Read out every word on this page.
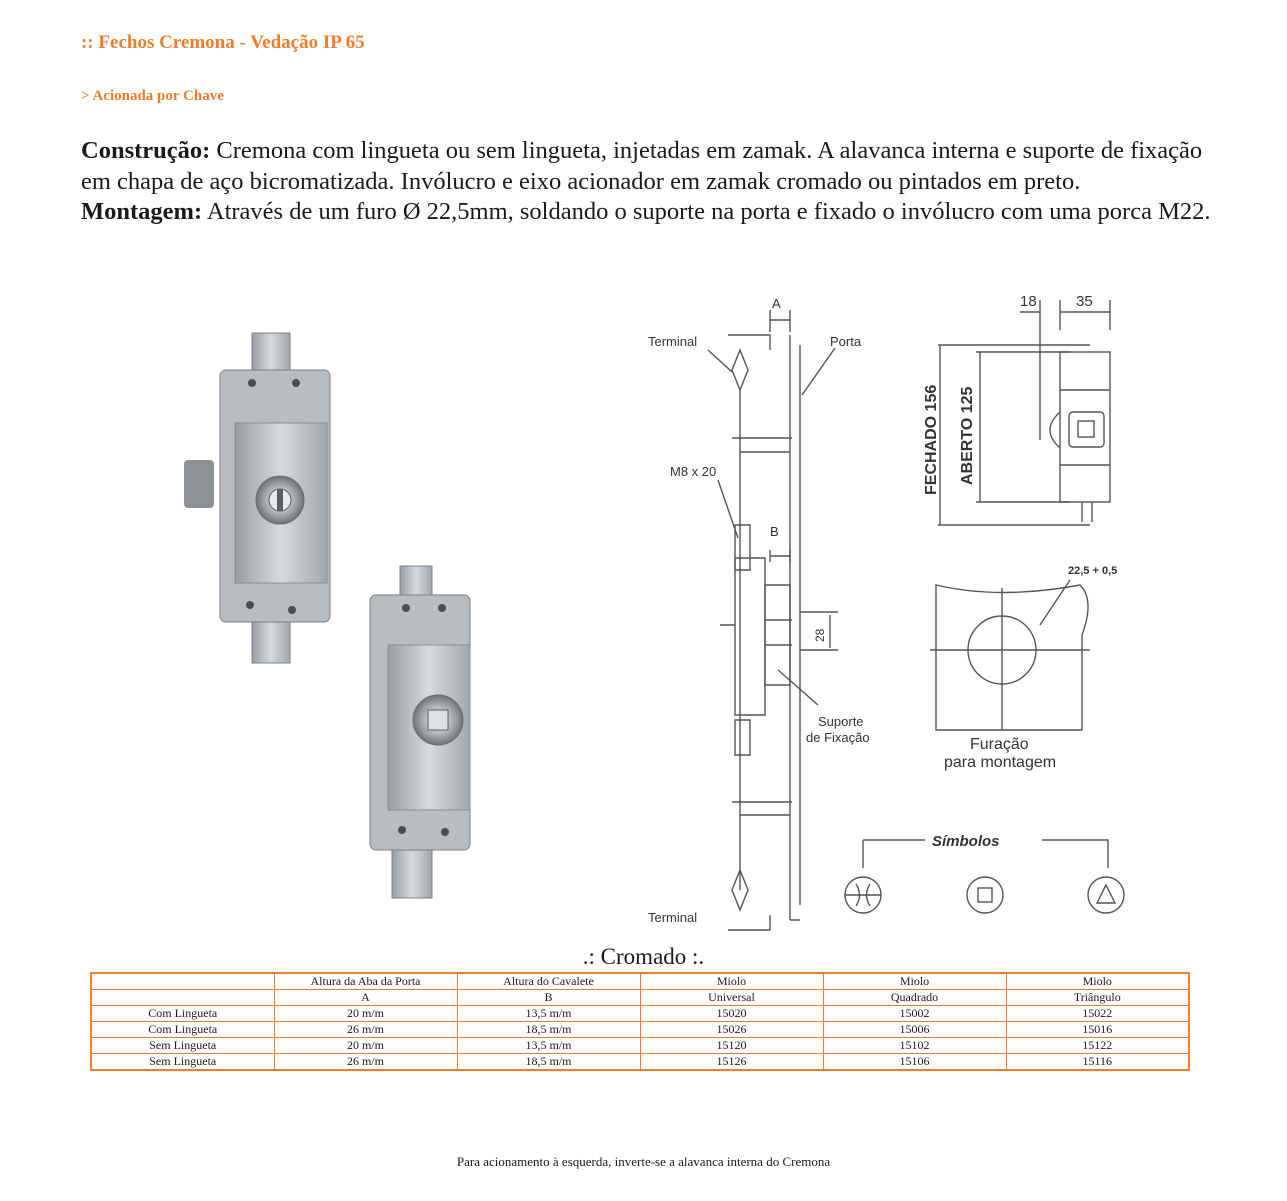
:: Fechos Cremona - Vedação IP 65
> Acionada por Chave

Construção: Cremona com lingueta ou sem lingueta, injetadas em zamak. A alavanca interna e suporte de fixação em chapa de aço bicromatizada. Invólucro e eixo acionador em zamak cromado ou pintados em preto.

Montagem: Através de um furo Ø 22,5mm, soldando o suporte na porta e fixado o invólucro com uma porca M22.

Terminal	Porta
A
M8 x 20
B
28
Suporte
de Fixação
Terminal
18	35
FECHADO 156 ABERTO 125
22,5 + 0,5
Furação
para montagem
Símbolos
.: Cromado :.
	Altura da Aba da Porta	Altura do Cavalete	Miolo	Miolo	Miolo
	A	B	Universal	Quadrado	Triângulo
Com Lingueta	20 m/m	13,5 m/m	15020	15002	15022
Com Lingueta	26 m/m	18,5 m/m	15026	15006	15016
Sem Lingueta	20 m/m	13,5 m/m	15120	15102	15122
Sem Lingueta	26 m/m	18,5 m/m	15126	15106	15116
Para acionamento à esquerda, inverte-se a alavanca interna do Cremona
